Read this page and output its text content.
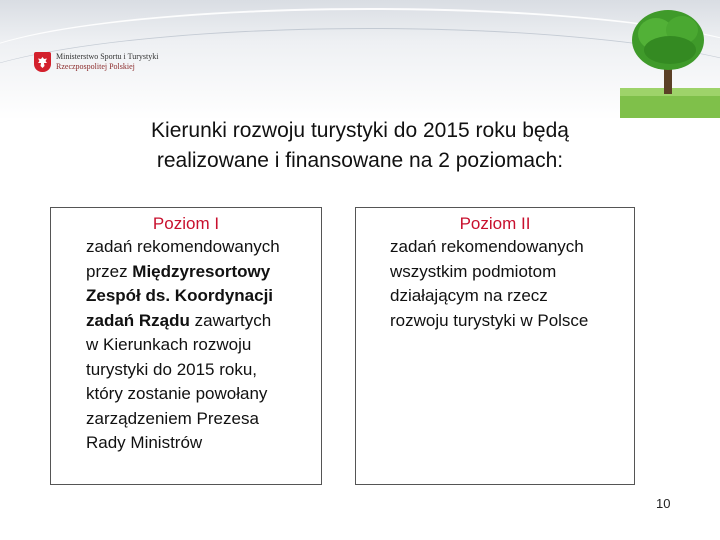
Ministerstwo Sportu i Turystyki
Rzeczpospolitej Polskiej
Kierunki rozwoju turystyki do 2015 roku będą
realizowane i finansowane na 2 poziomach:
Poziom I
zadań rekomendowanych
przez Międzyresortowy
Zespół ds. Koordynacji
zadań Rządu zawartych
w Kierunkach rozwoju
turystyki do 2015 roku,
który zostanie powołany
zarządzeniem Prezesa
Rady Ministrów
Poziom II
zadań rekomendowanych
wszystkim podmiotom
działającym na rzecz
rozwoju turystyki w Polsce
10
